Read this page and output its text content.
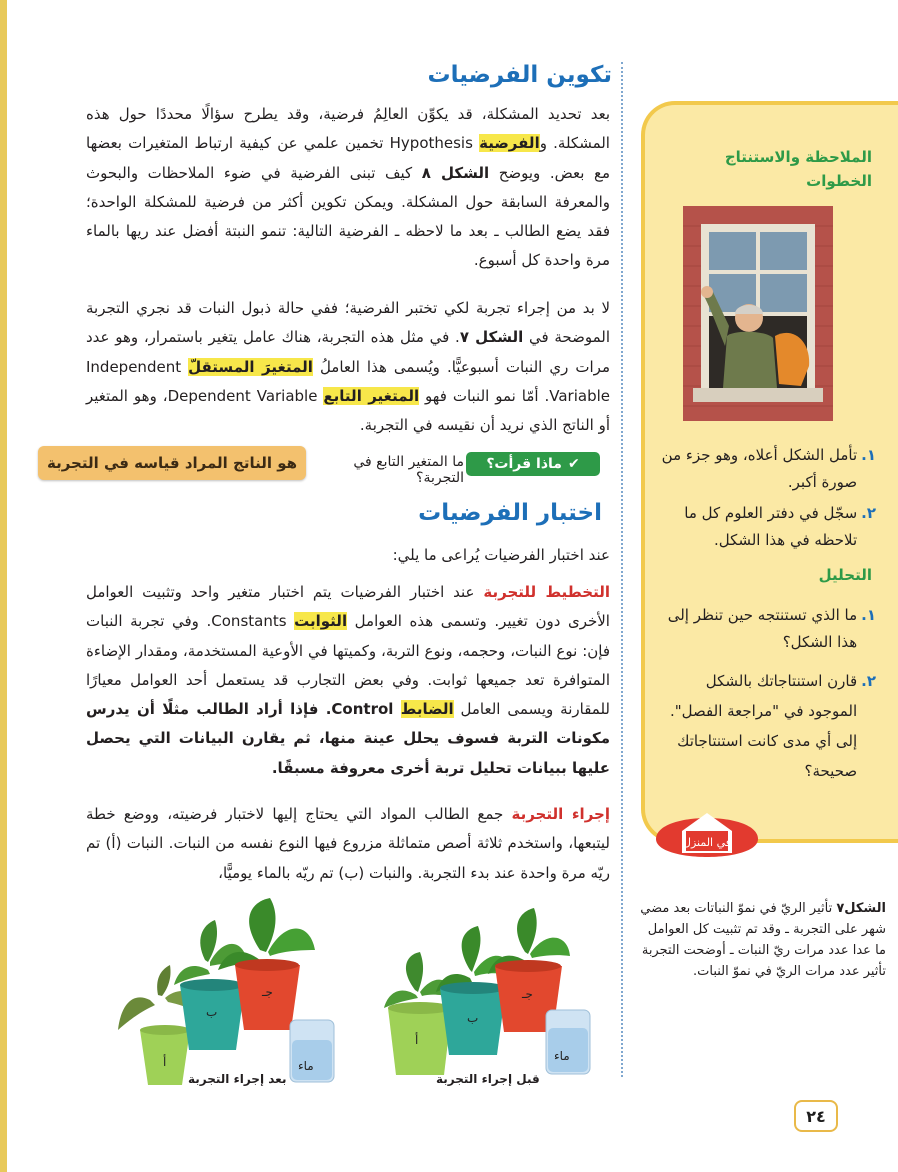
تكوين الفرضيات

بعد تحديد المشكلة، قد يكوِّن العالِمُ فرضية، وقد يطرح سؤالًا محددًا حول هذه المشكلة. والفرضية Hypothesis تخمين علمي عن كيفية ارتباط المتغيرات بعضها مع بعض. ويوضح الشكل ٨ كيف تبنى الفرضية في ضوء الملاحظات والبحوث والمعرفة السابقة حول المشكلة. ويمكن تكوين أكثر من فرضية للمشكلة الواحدة؛ فقد يضع الطالب ـ بعد ما لاحظه ـ الفرضية التالية: تنمو النبتة أفضل عند ريها بالماء مرة واحدة كل أسبوع.

لا بد من إجراء تجربة لكي تختبر الفرضية؛ ففي حالة ذبول النبات قد نجري التجربة الموضحة في الشكل ٧. في مثل هذه التجربة، هناك عامل يتغير باستمرار، وهو عدد مرات ري النبات أسبوعيًّا. ويُسمى هذا العاملُ المتغيرَ المستقلّ Independent Variable. أمّا نمو النبات فهو المتغير التابع Dependent Variable، وهو المتغير أو الناتج الذي نريد أن نقيسه في التجربة.

✔
ماذا قرأت؟
ما المتغير التابع في التجربة؟
هو الناتج المراد قياسه في التجربة
اختبار الفرضيات

عند اختبار الفرضيات يُراعى ما يلي:

التخطيط للتجربة عند اختبار الفرضيات يتم اختبار متغير واحد وتثبيت العوامل الأخرى دون تغيير. وتسمى هذه العوامل الثوابت Constants. وفي تجربة النبات فإن: نوع النبات، وحجمه، ونوع التربة، وكميتها في الأوعية المستخدمة، ومقدار الإضاءة المتوافرة تعد جميعها ثوابت. وفي بعض التجارب قد يستعمل أحد العوامل معيارًا للمقارنة ويسمى العامل الضابط Control. فإذا أراد الطالب مثلًا أن يدرس مكونات التربة فسوف يحلل عينة منها، ثم يقارن البيانات التي يحصل عليها ببيانات تحليل تربة أخرى معروفة مسبقًا.

إجراء التجربة جمع الطالب المواد التي يحتاج إليها لاختبار فرضيته، ووضع خطة ليتبعها، واستخدم ثلاثة أصص متماثلة مزروع فيها النوع نفسه من النبات. النبات (أ) تم ريّه مرة واحدة عند بدء التجربة. والنبات (ب) تم ريّه بالماء يوميًّا،

أ
ب
جـ
ماء
أ
ب
جـ
ماء
بعد إجراء التجربة	قبل إجراء التجربة
الملاحظة والاستنتاج
الخطوات
١.
تأمل الشكل أعلاه، وهو جزء من صورة أكبر.
٢.
سجّل في دفتر العلوم كل ما تلاحظه في هذا الشكل.
التحليل
١.
ما الذي تستنتجه حين تنظر إلى هذا الشكل؟
٢.
قارن استنتاجاتك بالشكل الموجود في "مراجعة الفصل". إلى أي مدى كانت استنتاجاتك صحيحة؟
في المنزل
الشكل٧ تأثير الريّ في نموّ النباتات بعد مضي شهر على التجربة ـ وقد تم تثبيت كل العوامل ما عدا عدد مرات ريّ النبات ـ أوضحت التجربة تأثير عدد مرات الريّ في نموّ النبات.
٢٤
